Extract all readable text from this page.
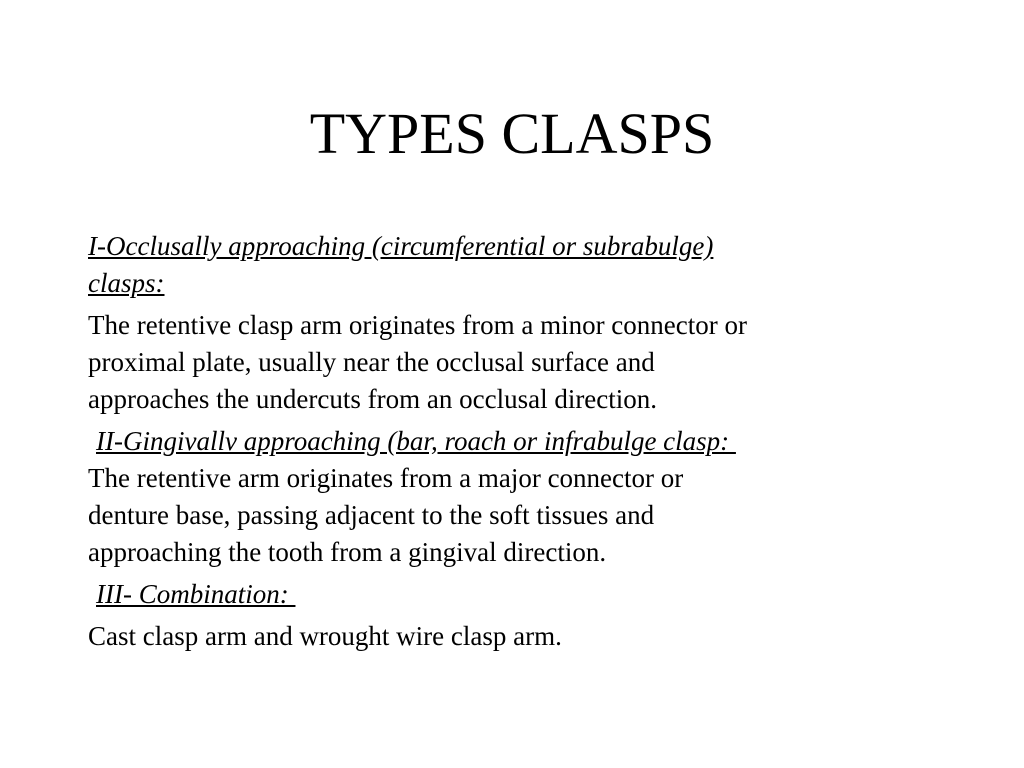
TYPES CLASPS
I-Occlusally approaching (circumferential or subrabulge)
clasps:
The retentive clasp arm originates from a minor connector or
proximal plate, usually near the occlusal surface and
approaches the undercuts from an occlusal direction.
II-Gingivallv approaching (bar, roach or infrabulge clasp:
The retentive arm originates from a major connector or
denture base, passing adjacent to the soft tissues and
approaching the tooth from a gingival direction.
III- Combination:
Cast clasp arm and wrought wire clasp arm.
